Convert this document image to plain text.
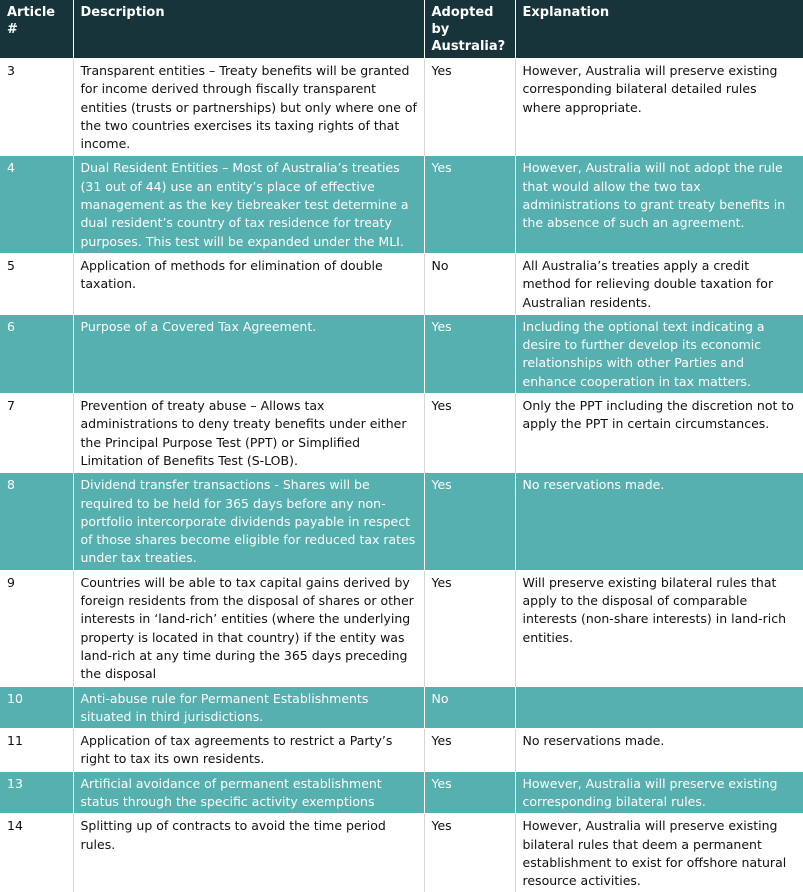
Article #	Description	Adopted by Australia?	Explanation
3	Transparent entities – Treaty benefits will be granted for income derived through fiscally transparent entities (trusts or partnerships) but only where one of the two countries exercises its taxing rights of that income.	Yes	However, Australia will preserve existing corresponding bilateral detailed rules where appropriate.
4	Dual Resident Entities – Most of Australia’s treaties (31 out of 44) use an entity’s place of effective management as the key tiebreaker test determine a dual resident’s country of tax residence for treaty purposes. This test will be expanded under the MLI.	Yes	However, Australia will not adopt the rule that would allow the two tax administrations to grant treaty benefits in the absence of such an agreement.
5	Application of methods for elimination of double taxation.	No	All Australia’s treaties apply a credit method for relieving double taxation for Australian residents.
6	Purpose of a Covered Tax Agreement.	Yes	Including the optional text indicating a desire to further develop its economic relationships with other Parties and enhance cooperation in tax matters.
7	Prevention of treaty abuse – Allows tax administrations to deny treaty benefits under either the Principal Purpose Test (PPT) or Simplified Limitation of Benefits Test (S-LOB).	Yes	Only the PPT including the discretion not to apply the PPT in certain circumstances.
8	Dividend transfer transactions - Shares will be required to be held for 365 days before any non-portfolio intercorporate dividends payable in respect of those shares become eligible for reduced tax rates under tax treaties.	Yes	No reservations made.
9	Countries will be able to tax capital gains derived by foreign residents from the disposal of shares or other interests in ‘land-rich’ entities (where the underlying property is located in that country) if the entity was land-rich at any time during the 365 days preceding the disposal	Yes	Will preserve existing bilateral rules that apply to the disposal of comparable interests (non-share interests) in land-rich entities.
10	Anti-abuse rule for Permanent Establishments situated in third jurisdictions.	No	
11	Application of tax agreements to restrict a Party’s right to tax its own residents.	Yes	No reservations made.
13	Artificial avoidance of permanent establishment status through the specific activity exemptions	Yes	However, Australia will preserve existing corresponding bilateral rules.
14	Splitting up of contracts to avoid the time period rules.	Yes	However, Australia will preserve existing bilateral rules that deem a permanent establishment to exist for offshore natural resource activities.
